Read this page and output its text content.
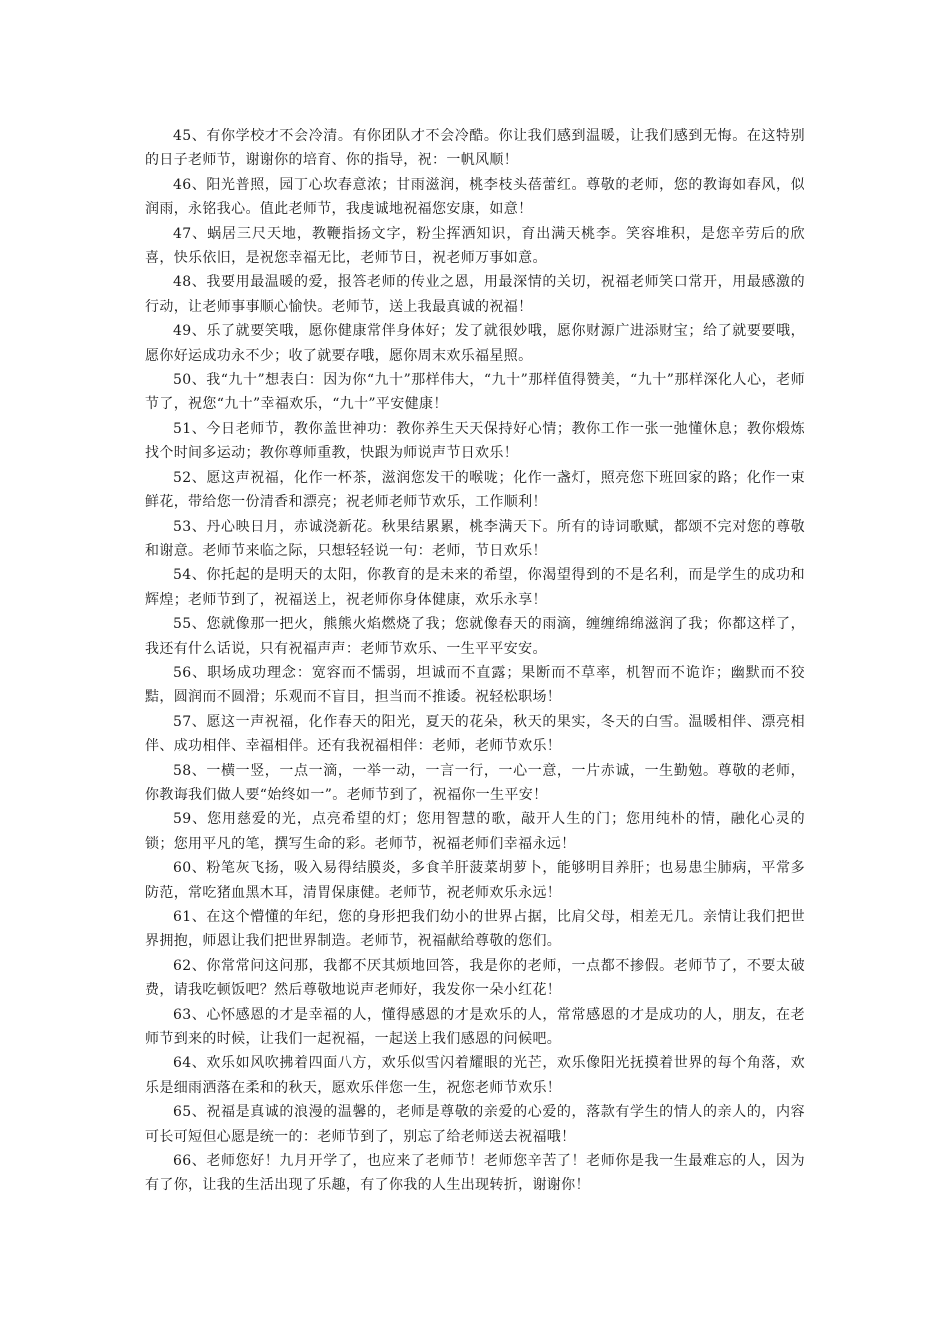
45、有你学校才不会冷清。有你团队才不会冷酷。你让我们感到温暖，让我们感到无悔。在这特别的日子老师节，谢谢你的培育、你的指导，祝：一帆风顺！

46、阳光普照，园丁心坎春意浓；甘雨滋润，桃李枝头蓓蕾红。尊敬的老师，您的教诲如春风，似润雨，永铭我心。值此老师节，我虔诚地祝福您安康，如意！

47、蜗居三尺天地，教鞭指扬文字，粉尘挥洒知识，育出满天桃李。笑容堆积，是您辛劳后的欣喜，快乐依旧，是祝您幸福无比，老师节日，祝老师万事如意。

48、我要用最温暖的爱，报答老师的传业之恩，用最深情的关切，祝福老师笑口常开，用最感激的行动，让老师事事顺心愉快。老师节，送上我最真诚的祝福！

49、乐了就要笑哦，愿你健康常伴身体好；发了就很妙哦，愿你财源广进添财宝；给了就要要哦，愿你好运成功永不少；收了就要存哦，愿你周末欢乐福星照。

50、我“九十”想表白：因为你“九十”那样伟大，“九十”那样值得赞美，“九十”那样深化人心，老师节了，祝您“九十”幸福欢乐，“九十”平安健康！

51、今日老师节，教你盖世神功：教你养生天天保持好心情；教你工作一张一弛懂休息；教你煅炼找个时间多运动；教你尊师重教，快跟为师说声节日欢乐！

52、愿这声祝福，化作一杯茶，滋润您发干的喉咙；化作一盏灯，照亮您下班回家的路；化作一束鲜花，带给您一份清香和漂亮；祝老师老师节欢乐，工作顺利！

53、丹心映日月，赤诚浇新花。秋果结累累，桃李满天下。所有的诗词歌赋，都颂不完对您的尊敬和谢意。老师节来临之际，只想轻轻说一句：老师，节日欢乐！

54、你托起的是明天的太阳，你教育的是未来的希望，你渴望得到的不是名利，而是学生的成功和辉煌；老师节到了，祝福送上，祝老师你身体健康，欢乐永享！

55、您就像那一把火，熊熊火焰燃烧了我；您就像春天的雨滴，缠缠绵绵滋润了我；你都这样了，我还有什么话说，只有祝福声声：老师节欢乐、一生平平安安。

56、职场成功理念：宽容而不懦弱，坦诚而不直露；果断而不草率，机智而不诡诈；幽默而不狡黠，圆润而不圆滑；乐观而不盲目，担当而不推诿。祝轻松职场！

57、愿这一声祝福，化作春天的阳光，夏天的花朵，秋天的果实，冬天的白雪。温暖相伴、漂亮相伴、成功相伴、幸福相伴。还有我祝福相伴：老师，老师节欢乐！

58、一横一竖，一点一滴，一举一动，一言一行，一心一意，一片赤诚，一生勤勉。尊敬的老师，你教诲我们做人要“始终如一”。老师节到了，祝福你一生平安！

59、您用慈爱的光，点亮希望的灯；您用智慧的歌，敲开人生的门；您用纯朴的情，融化心灵的锁；您用平凡的笔，撰写生命的彩。老师节，祝福老师们幸福永远！

60、粉笔灰飞扬，吸入易得结膜炎，多食羊肝菠菜胡萝卜，能够明目养肝；也易患尘肺病，平常多防范，常吃猪血黑木耳，清胃保康健。老师节，祝老师欢乐永远！

61、在这个懵懂的年纪，您的身形把我们幼小的世界占据，比肩父母，相差无几。亲情让我们把世界拥抱，师恩让我们把世界制造。老师节，祝福献给尊敬的您们。

62、你常常问这问那，我都不厌其烦地回答，我是你的老师，一点都不掺假。老师节了，不要太破费，请我吃顿饭吧？然后尊敬地说声老师好，我发你一朵小红花！

63、心怀感恩的才是幸福的人，懂得感恩的才是欢乐的人，常常感恩的才是成功的人，朋友，在老师节到来的时候，让我们一起祝福，一起送上我们感恩的问候吧。

64、欢乐如风吹拂着四面八方，欢乐似雪闪着耀眼的光芒，欢乐像阳光抚摸着世界的每个角落，欢乐是细雨洒落在柔和的秋天，愿欢乐伴您一生，祝您老师节欢乐！

65、祝福是真诚的浪漫的温馨的，老师是尊敬的亲爱的心爱的，落款有学生的情人的亲人的，内容可长可短但心愿是统一的：老师节到了，别忘了给老师送去祝福哦！

66、老师您好！九月开学了，也应来了老师节！老师您辛苦了！老师你是我一生最难忘的人，因为有了你，让我的生活出现了乐趣，有了你我的人生出现转折，谢谢你！
